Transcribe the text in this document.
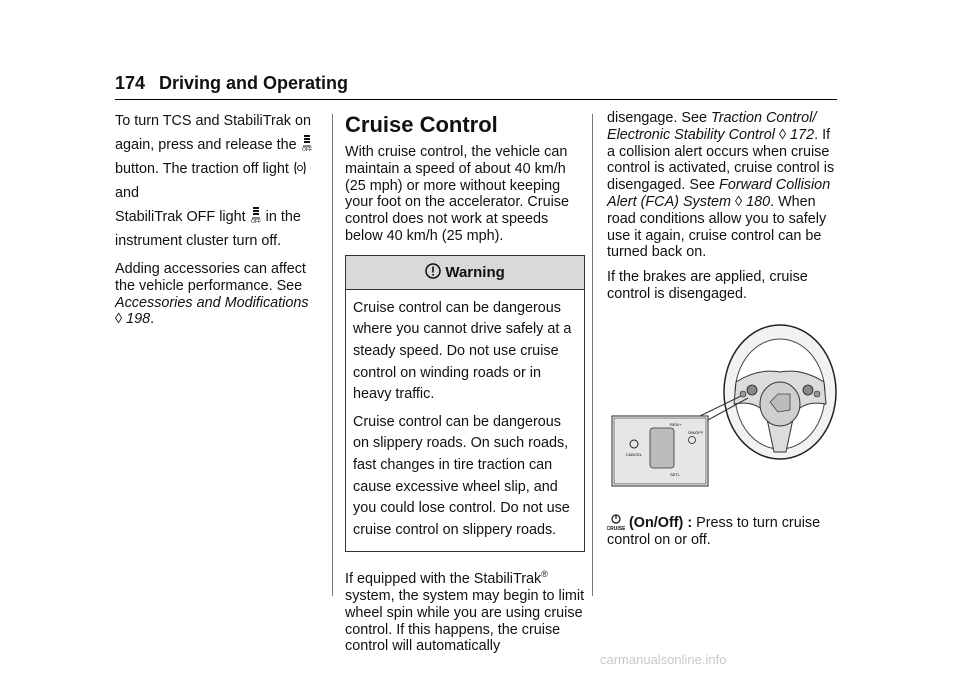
174 Driving and Operating

To turn TCS and StabiliTrak on
again, press and release the OFF

button. The traction off light  and
StabiliTrak OFF light OFF in the
instrument cluster turn off.

Adding accessories can affect the vehicle performance. See
Accessories and Modifications
◊ 198.

Cruise Control

With cruise control, the vehicle can maintain a speed of about 40 km/h (25 mph) or more without keeping your foot on the accelerator. Cruise control does not work at speeds below 40 km/h (25 mph).

Warning

Cruise control can be dangerous where you cannot drive safely at a steady speed. Do not use cruise control on winding roads or in heavy traffic.

Cruise control can be dangerous on slippery roads. On such roads, fast changes in tire traction can cause excessive wheel slip, and you could lose control. Do not use cruise control on slippery roads.

If equipped with the StabiliTrak® system, the system may begin to limit wheel spin while you are using cruise control. If this happens, the cruise control will automatically

disengage. See Traction Control/ Electronic Stability Control ◊ 172. If a collision alert occurs when cruise control is activated, cruise control is disengaged. See Forward Collision Alert (FCA) System ◊ 180. When road conditions allow you to safely use it again, cruise control can be turned back on.

If the brakes are applied, cruise control is disengaged.

CANCEL
RES/+
SET/-
ON/OFF
CRUISE (On/Off) : Press to turn cruise control on or off.
carmanualsonline.info
